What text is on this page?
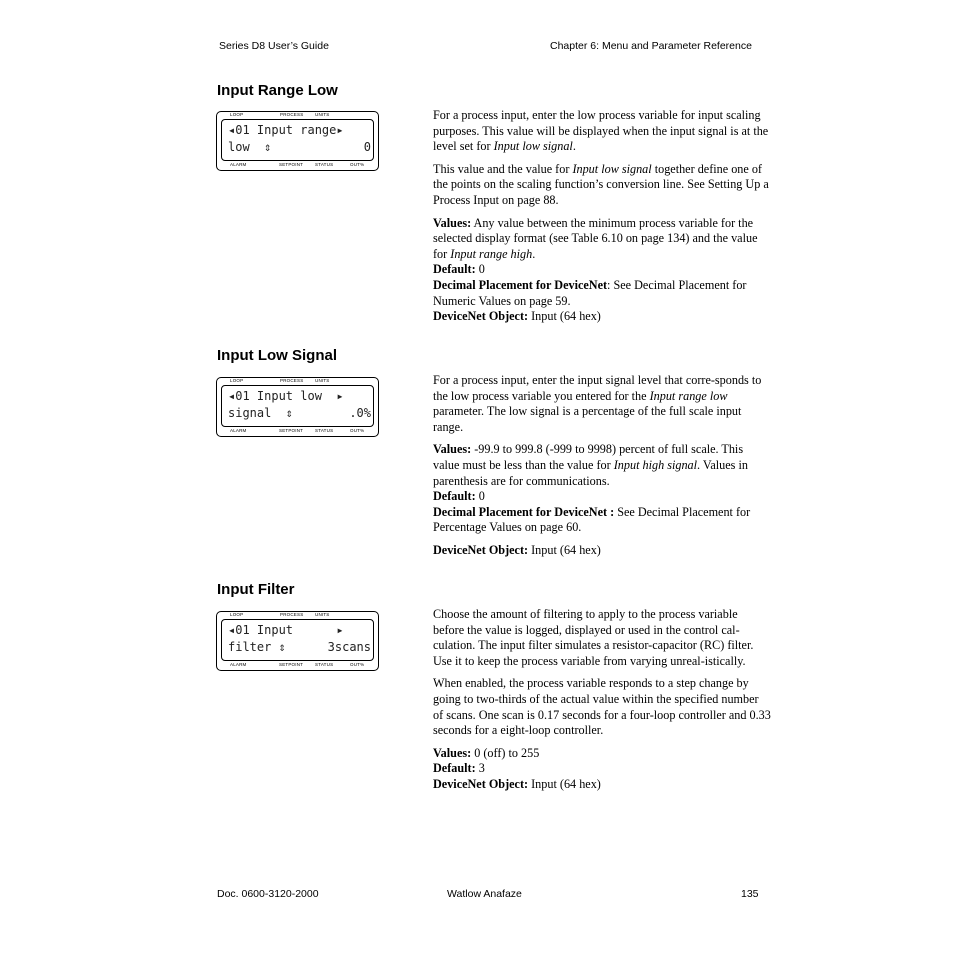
Series D8 User’s Guide	Chapter 6: Menu and Parameter Reference
Input Range Low
LOOP	PROCESS	UNITS
◂01 Input range▸
low  ⇕	0
ALARM	SETPOINT	STATUS	OUT%

For a process input, enter the low process variable for input scaling purposes. This value will be displayed when the input signal is at the level set for Input low signal.

This value and the value for Input low signal together define one of the points on the scaling function’s conversion line. See Setting Up a Process Input on page 88.

Values: Any value between the minimum process variable for the selected display format (see Table 6.10 on page 134) and the value for Input range high.

Default: 0

Decimal Placement for DeviceNet: See Decimal Placement for Numeric Values on page 59.

DeviceNet Object: Input (64 hex)

Input Low Signal
LOOP	PROCESS	UNITS
◂01 Input low  ▸
signal  ⇕	.0%
ALARM	SETPOINT	STATUS	OUT%

For a process input, enter the input signal level that corre-sponds to the low process variable you entered for the Input range low parameter. The low signal is a percentage of the full scale input range.

Values: -99.9 to 999.8 (-999 to 9998) percent of full scale. This value must be less than the value for Input high signal. Values in parenthesis are for communications.

Default: 0

Decimal Placement for DeviceNet : See Decimal Placement for Percentage Values on page 60.

DeviceNet Object: Input (64 hex)

Input Filter
LOOP	PROCESS	UNITS
◂01 Input      ▸
filter ⇕	3scans
ALARM	SETPOINT	STATUS	OUT%

Choose the amount of filtering to apply to the process variable before the value is logged, displayed or used in the control cal-culation. The input filter simulates a resistor-capacitor (RC) filter. Use it to keep the process variable from varying unreal-istically.

When enabled, the process variable responds to a step change by going to two-thirds of the actual value within the specified number of scans. One scan is 0.17 seconds for a four-loop controller and 0.33 seconds for a eight-loop controller.

Values: 0 (off) to 255

Default: 3

DeviceNet Object: Input (64 hex)

Doc. 0600-3120-2000	Watlow Anafaze	135
